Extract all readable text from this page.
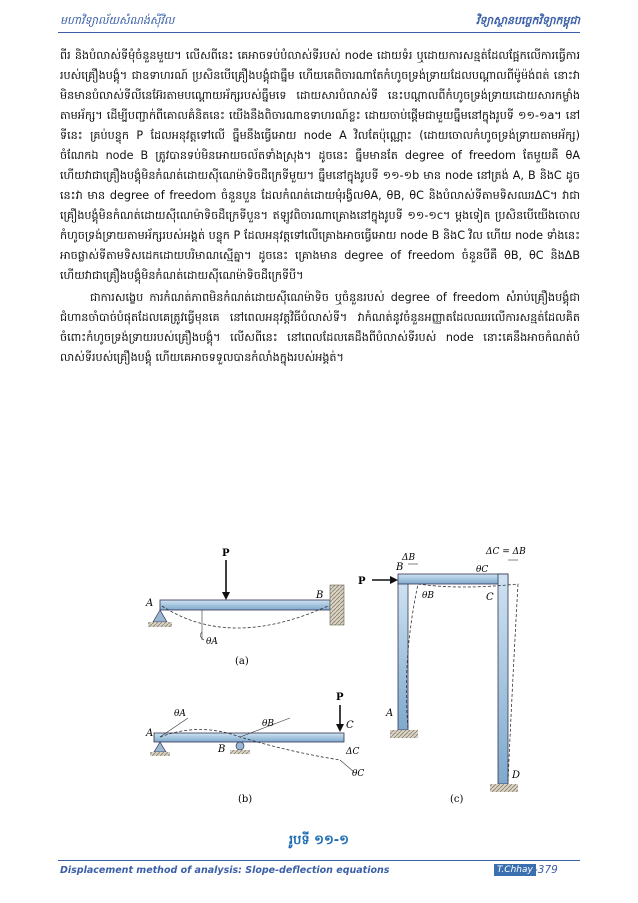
មហាវិទ្យាល័យសំណង់ស៊ីវិល	វិទ្យាស្ថានបច្ចេកវិទ្យាកម្ពុជា

ពីរ និងបំលាស់ទីមុំចំនួនមួយ។ លើសពីនេះ គេអាចទប់បំលាស់ទីរបស់ node ដោយទំរ ឬដោយការសន្មត់ដែលផ្អែកលើការធ្វើការរបស់គ្រឿងបង្គុំ។ ជាឧទាហរណ៍ ប្រសិនបើគ្រឿងបង្គុំជាធ្នឹម ហើយគេពិចារណាតែកំហូចទ្រង់ទ្រាយដែលបណ្តាលពីម៉ូម៉ង់ពត់ នោះវាមិនមានបំលាស់ទីលីនេអ៊ែរតាមបណ្តោយអ័ក្សរបស់ធ្នឹមទេ ដោយសារបំលាស់ទី នេះបណ្តាលពីកំហូចទ្រង់ទ្រាយដោយសារកម្លាំងតាមអ័ក្ស។ ដើម្បីបញ្ជាក់ពីគោលគំនិតនេះ យើងនឹងពិចារណាឧទាហរណ៍ខ្លះ ដោយចាប់ផ្តើមជាមួយធ្នឹមនៅក្នុងរូបទី ១១-១a។ នៅទីនេះ គ្រប់បន្ទុក P ដែលអនុវត្តទៅលើ ធ្នឹមនឹងធ្វើអោយ node A វិលតែប៉ុណ្ណោះ (ដោយចោលកំហូចទ្រង់ទ្រាយតាមអ័ក្ស) ចំណែកឯ node B ត្រូវបានទប់មិនអោយចល័តទាំងស្រុង។ ដូចនេះ ធ្នឹមមានតែ degree of freedom តែមួយគឺ θA ហើយវាជាគ្រឿងបង្គុំមិនកំណត់ដោយស៊ីណេម៉ាទិចដឺក្រេទីមួយ។ ធ្នឹមនៅក្នុងរូបទី ១១-១b មាន node នៅត្រង់ A, B និងC ដូចនេះវា មាន degree of freedom ចំនួនបួន ដែលកំណត់ដោយមុំរង្វិលθA, θB, θC និងបំលាស់ទីតាមទិសឈរΔC។ វាជាគ្រឿងបង្គុំមិនកំណត់ដោយស៊ីណេម៉ាទិចដឺក្រេទីបួន។ ឥឡូវពិចារណាគ្រោងនៅក្នុងរូបទី ១១-១c។ ម្តងទៀត ប្រសិនបើយើងចោលកំហូចទ្រង់ទ្រាយតាមអ័ក្សរបស់អង្គត់ បន្ទុក P ដែលអនុវត្តទៅលើគ្រោងអាចធ្វើអោយ node B និងC វិល ហើយ node ទាំងនេះអាចផ្លាស់ទីតាមទិសដេកដោយបរិមាណស្មើគ្នា។ ដូចនេះ គ្រោងមាន degree of freedom ចំនួនបីគឺ θB, θC និងΔB ហើយវាជាគ្រឿងបង្គុំមិនកំណត់ដោយស៊ីណេម៉ាទិចដឺក្រេទីបី។

ជាការសង្ខេប ការកំណត់ភាពមិនកំណត់ដោយស៊ីណេម៉ាទិច ឬចំនួនរបស់ degree of freedom សំរាប់គ្រឿងបង្គុំជាជំហានចាំបាច់បំផុតដែលគេត្រូវធ្វើមុនគេ នៅពេលអនុវត្តវិធីបំលាស់ទី។ វាកំណត់នូវចំនួនអញ្ញាតដែលឈរលើការសន្មត់ដែលគិតចំពោះកំហូចទ្រង់ទ្រាយរបស់គ្រឿងបង្គុំ។ លើសពីនេះ នៅពេលដែលគេដឹងពីបំលាស់ទីរបស់ node នោះគេនឹងអាចកំណត់បំលាស់ទីរបស់គ្រឿងបង្គុំ ហើយគេអាចទទួលបានកំលាំងក្នុងរបស់អង្គត់។

P
A
B
θA
(a)
P
A
B
C
θA
θB
ΔC
θC
(b)
P
ΔB
ΔC = ΔB
B
C
A
D
θB
θC
(c)
រូបទី ១១-១
Displacement method of analysis: Slope-deflection equations	T.Chhay -379
